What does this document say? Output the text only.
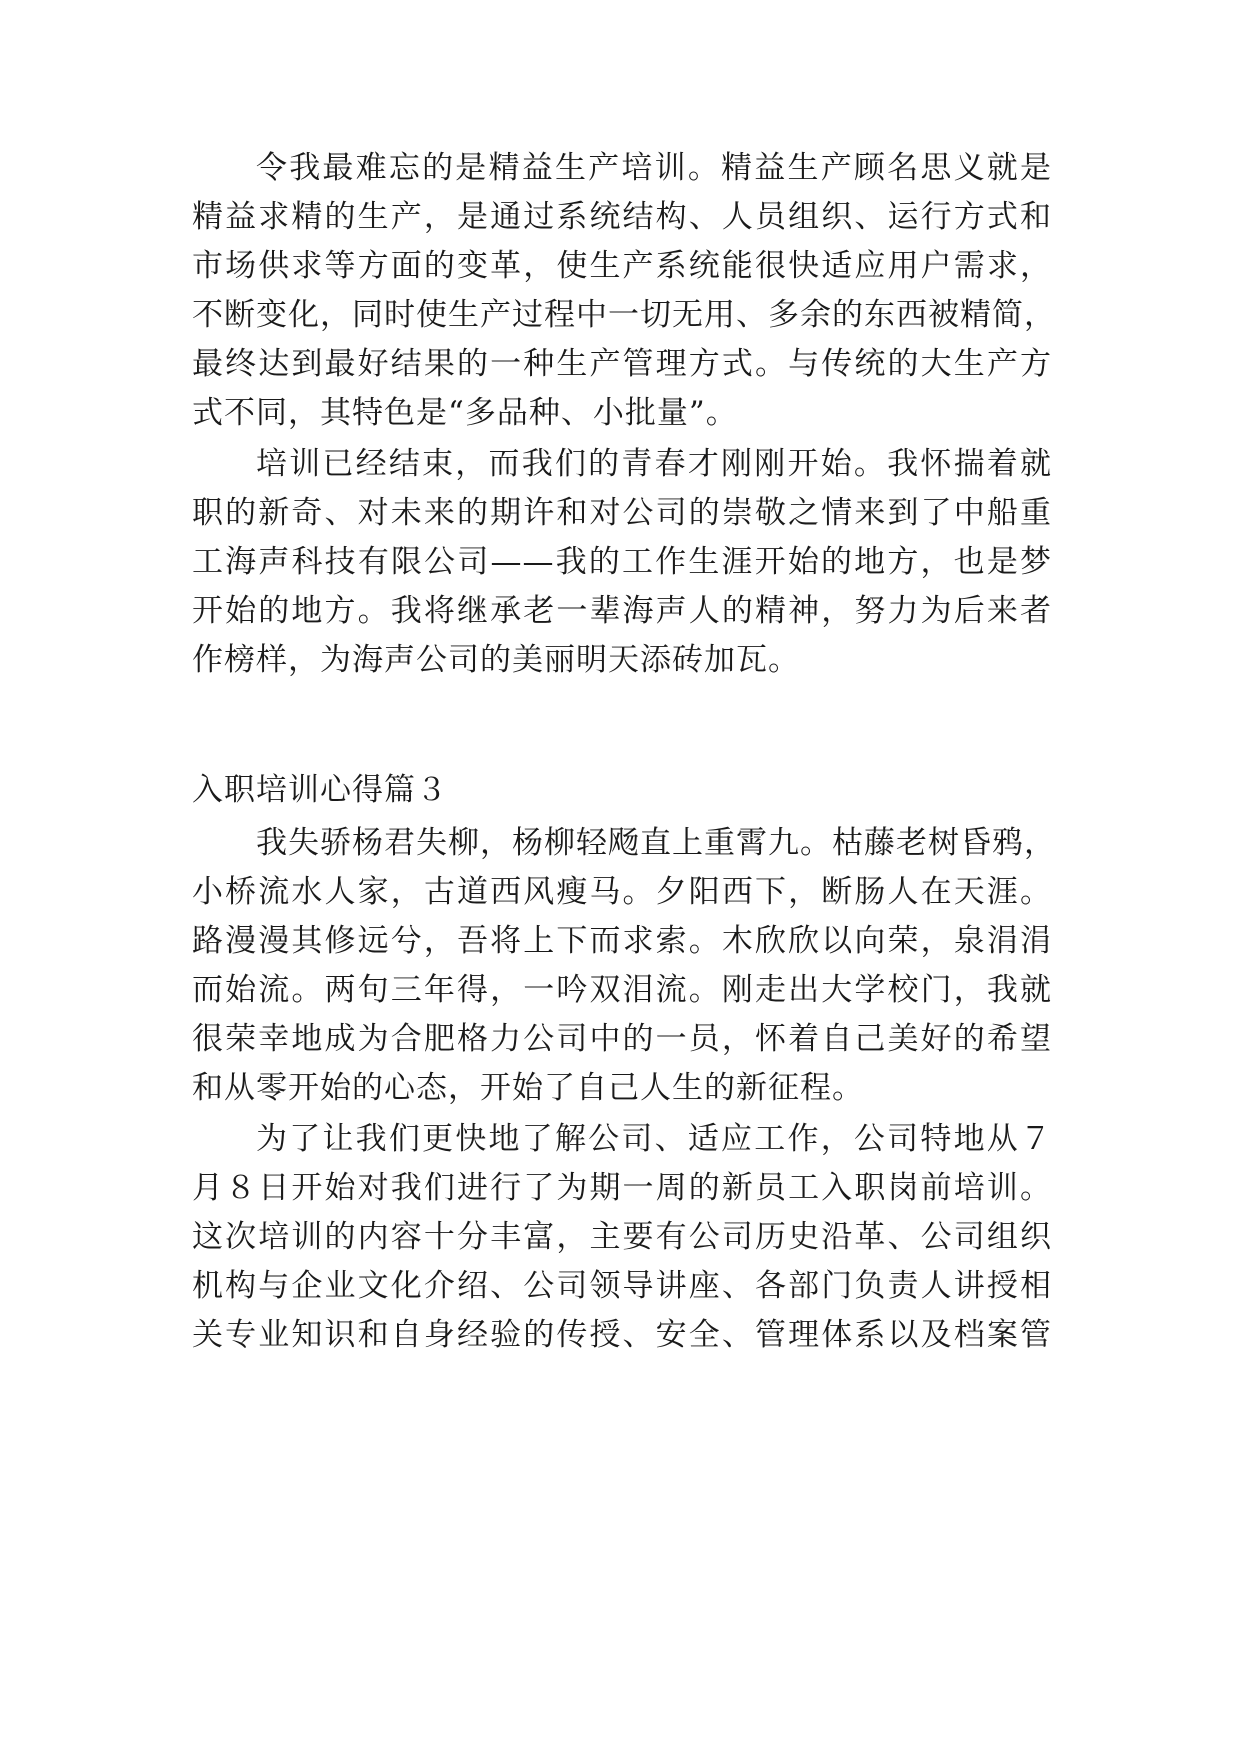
令我最难忘的是精益生产培训。精益生产顾名思义就是
精益求精的生产，是通过系统结构、人员组织、运行方式和
市场供求等方面的变革，使生产系统能很快适应用户需求，
不断变化，同时使生产过程中一切无用、多余的东西被精简，
最终达到最好结果的一种生产管理方式。与传统的大生产方
式不同，其特色是“多品种、小批量”。
培训已经结束，而我们的青春才刚刚开始。我怀揣着就
职的新奇、对未来的期许和对公司的崇敬之情来到了中船重
工海声科技有限公司——我的工作生涯开始的地方，也是梦
开始的地方。我将继承老一辈海声人的精神，努力为后来者
作榜样，为海声公司的美丽明天添砖加瓦。
入职培训心得篇３
我失骄杨君失柳，杨柳轻飏直上重霄九。枯藤老树昏鸦，
小桥流水人家，古道西风瘦马。夕阳西下，断肠人在天涯。
路漫漫其修远兮，吾将上下而求索。木欣欣以向荣，泉涓涓
而始流。两句三年得，一吟双泪流。刚走出大学校门，我就
很荣幸地成为合肥格力公司中的一员，怀着自己美好的希望
和从零开始的心态，开始了自己人生的新征程。
为了让我们更快地了解公司、适应工作，公司特地从７
月８日开始对我们进行了为期一周的新员工入职岗前培训。
这次培训的内容十分丰富，主要有公司历史沿革、公司组织
机构与企业文化介绍、公司领导讲座、各部门负责人讲授相
关专业知识和自身经验的传授、安全、管理体系以及档案管
